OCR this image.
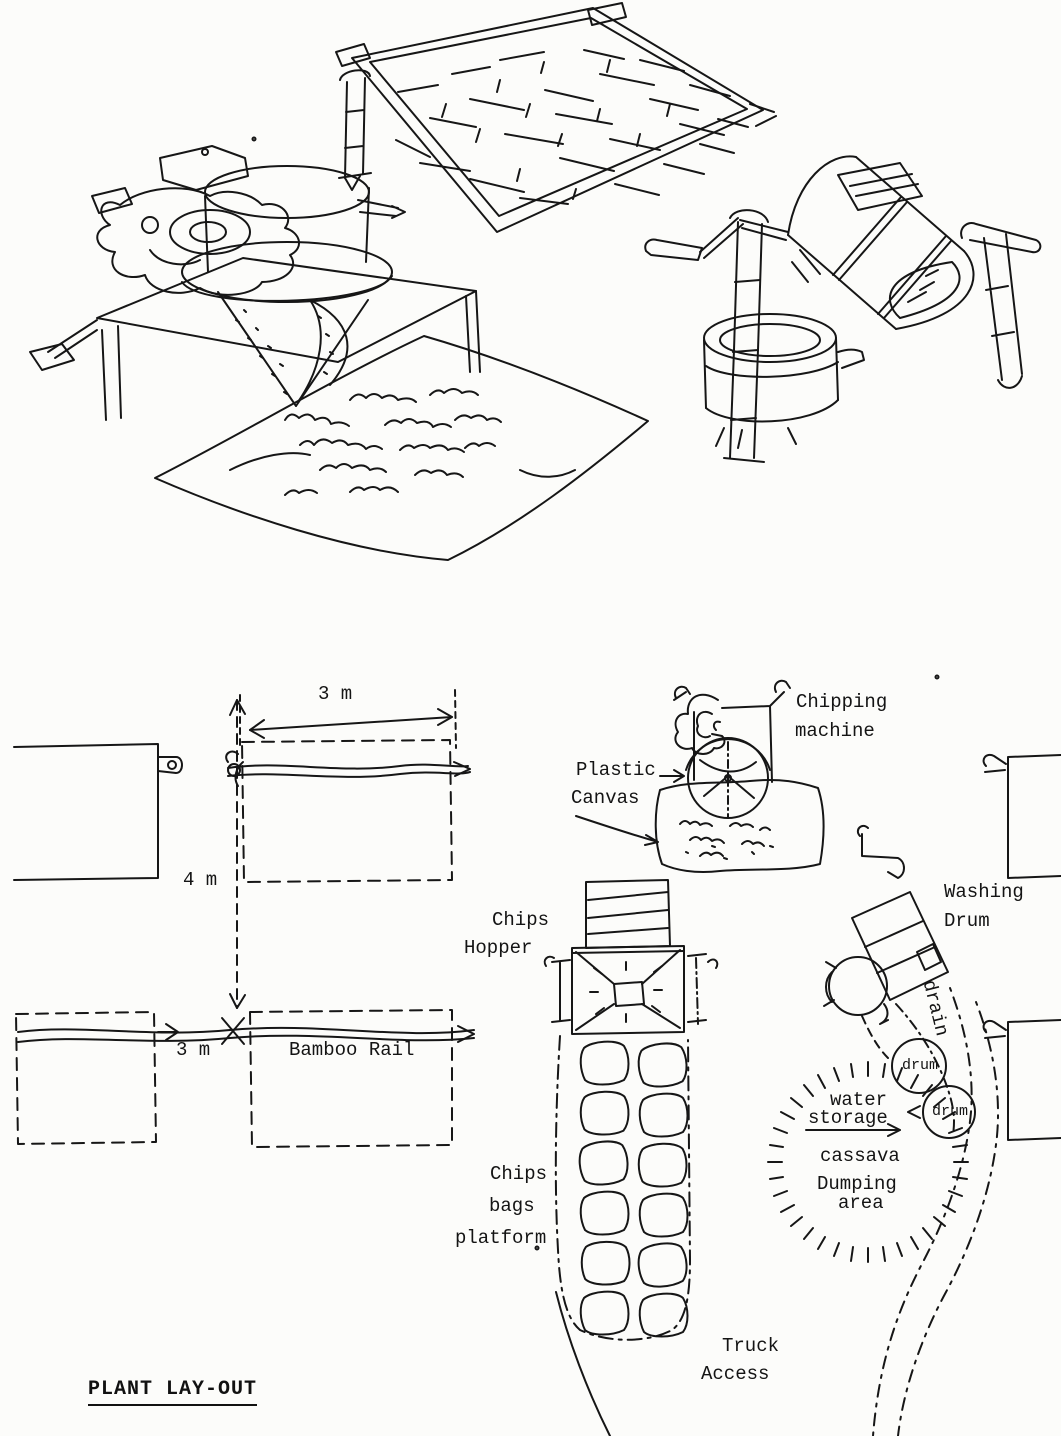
3 m
4 m
3 m	Bamboo Rail
Chips
Hopper
Plastic
Canvas
Chipping
machine
Washing
Drum
drain
drum
drum
water
storage
cassava
Dumping
area
Chips
bags
platform
Truck
Access
PLANT LAY-OUT
